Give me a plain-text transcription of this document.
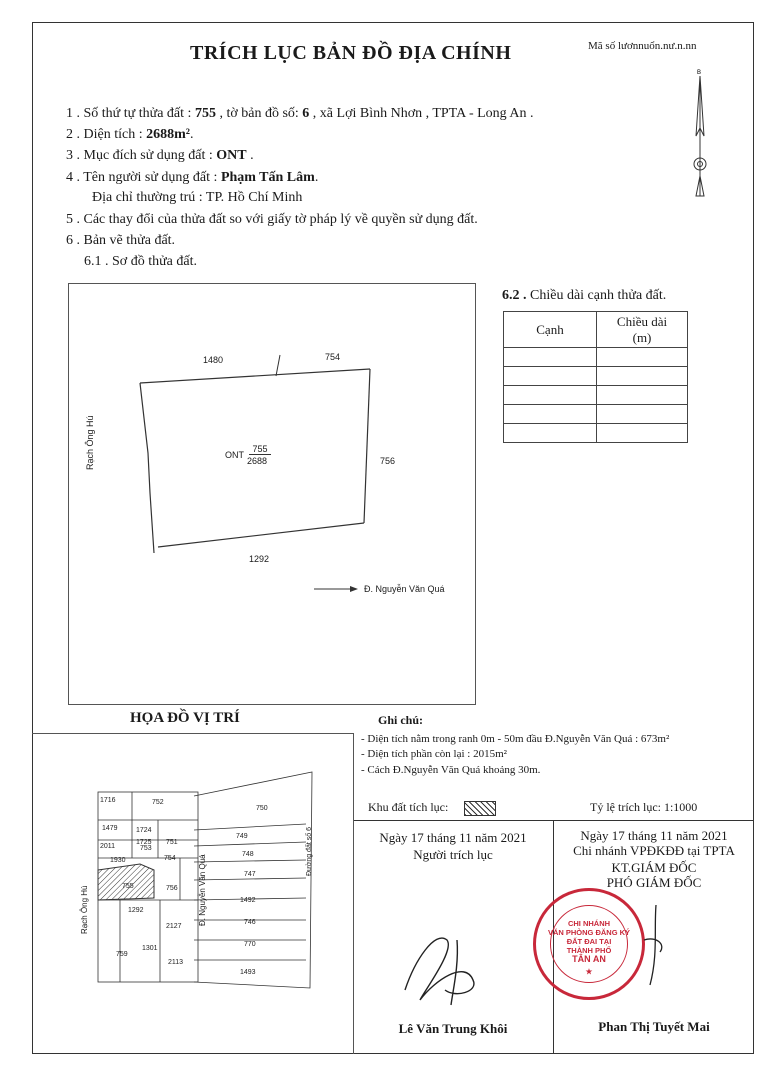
TRÍCH LỤC BẢN ĐỒ ĐỊA CHÍNH	Mã số lươnnuổn.nư.n.nn
B
1 . Số thứ tự thửa đất : 755 , tờ bản đồ số: 6 , xã Lợi Bình Nhơn , TPTA - Long An .
2 . Diện tích : 2688m².
3 . Mục đích sử dụng đất : ONT .
4 . Tên người sử dụng đất : Phạm Tấn Lâm.
Địa chỉ thường trú : TP. Hồ Chí Minh
5 . Các thay đổi của thửa đất so với giấy tờ pháp lý về quyền sử dụng đất.
6 . Bản vẽ thửa đất.
6.1 . Sơ đồ thửa đất.
1480	754
756
1292
Đ. Nguyễn Văn Quá
Rạch Ông Hú	ONT
755
2688
6.2 . Chiều dài cạnh thửa đất.
Cạnh	Chiều dài
(m)

HỌA ĐỒ VỊ TRÍ
1716	752
1479	1724
1725 751
2011	753
1930	754
755	756
1292
2127
1301
2113
759
750
749
748
747
1492
746
770
1493
Rạch Ông Hú	Đ. Nguyễn Văn Quá
Đường đất số 6
Ghi chú:
- Diện tích nằm trong ranh 0m - 50m đầu Đ.Nguyễn Văn Quá : 673m²
- Diện tích phần còn lại : 2015m²
- Cách Đ.Nguyễn Văn Quá khoảng 30m.
Khu đất tích lục:	Tỷ lệ trích lục: 1:1000
Ngày 17 tháng 11 năm 2021
Người trích lục
Lê Văn Trung Khôi
Ngày 17 tháng 11 năm 2021
Chi nhánh VPĐKĐĐ tại TPTA
KT.GIÁM ĐỐC
PHÓ GIÁM ĐỐC
CHI NHÁNH
VĂN PHÒNG ĐĂNG KÝ
ĐẤT ĐAI TẠI
THÀNH PHỐ
TÂN AN
★
Phan Thị Tuyết Mai
